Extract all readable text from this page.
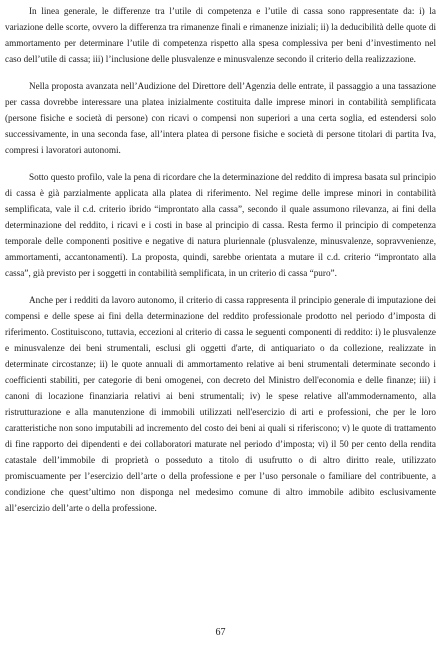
In linea generale, le differenze tra l’utile di competenza e l’utile di cassa sono rappresentate da: i) la variazione delle scorte, ovvero la differenza tra rimanenze finali e rimanenze iniziali; ii) la deducibilità delle quote di ammortamento per determinare l’utile di competenza rispetto alla spesa complessiva per beni d’investimento nel caso dell’utile di cassa; iii) l’inclusione delle plusvalenze e minusvalenze secondo il criterio della realizzazione.

Nella proposta avanzata nell’Audizione del Direttore dell’Agenzia delle entrate, il passaggio a una tassazione per cassa dovrebbe interessare una platea inizialmente costituita dalle imprese minori in contabilità semplificata (persone fisiche e società di persone) con ricavi o compensi non superiori a una certa soglia, ed estendersi solo successivamente, in una seconda fase, all’intera platea di persone fisiche e società di persone titolari di partita Iva, compresi i lavoratori autonomi.

Sotto questo profilo, vale la pena di ricordare che la determinazione del reddito di impresa basata sul principio di cassa è già parzialmente applicata alla platea di riferimento. Nel regime delle imprese minori in contabilità semplificata, vale il c.d. criterio ibrido “improntato alla cassa”, secondo il quale assumono rilevanza, ai fini della determinazione del reddito, i ricavi e i costi in base al principio di cassa. Resta fermo il principio di competenza temporale delle componenti positive e negative di natura pluriennale (plusvalenze, minusvalenze, sopravvenienze, ammortamenti, accantonamenti). La proposta, quindi, sarebbe orientata a mutare il c.d. criterio “improntato alla cassa”, già previsto per i soggetti in contabilità semplificata, in un criterio di cassa “puro”.

Anche per i redditi da lavoro autonomo, il criterio di cassa rappresenta il principio generale di imputazione dei compensi e delle spese ai fini della determinazione del reddito professionale prodotto nel periodo d’imposta di riferimento. Costituiscono, tuttavia, eccezioni al criterio di cassa le seguenti componenti di reddito: i) le plusvalenze e minusvalenze dei beni strumentali, esclusi gli oggetti d'arte, di antiquariato o da collezione, realizzate in determinate circostanze; ii) le quote annuali di ammortamento relative ai beni strumentali determinate secondo i coefficienti stabiliti, per categorie di beni omogenei, con decreto del Ministro dell'economia e delle finanze; iii) i canoni di locazione finanziaria relativi ai beni strumentali; iv) le spese relative all'ammodernamento, alla ristrutturazione e alla manutenzione di immobili utilizzati nell'esercizio di arti e professioni, che per le loro caratteristiche non sono imputabili ad incremento del costo dei beni ai quali si riferiscono; v) le quote di trattamento di fine rapporto dei dipendenti e dei collaboratori maturate nel periodo d’imposta; vi) il 50 per cento della rendita catastale dell’immobile di proprietà o posseduto a titolo di usufrutto o di altro diritto reale, utilizzato promiscuamente per l’esercizio dell’arte o della professione e per l’uso personale o familiare del contribuente, a condizione che quest’ultimo non disponga nel medesimo comune di altro immobile adibito esclusivamente all’esercizio dell’arte o della professione.

67
